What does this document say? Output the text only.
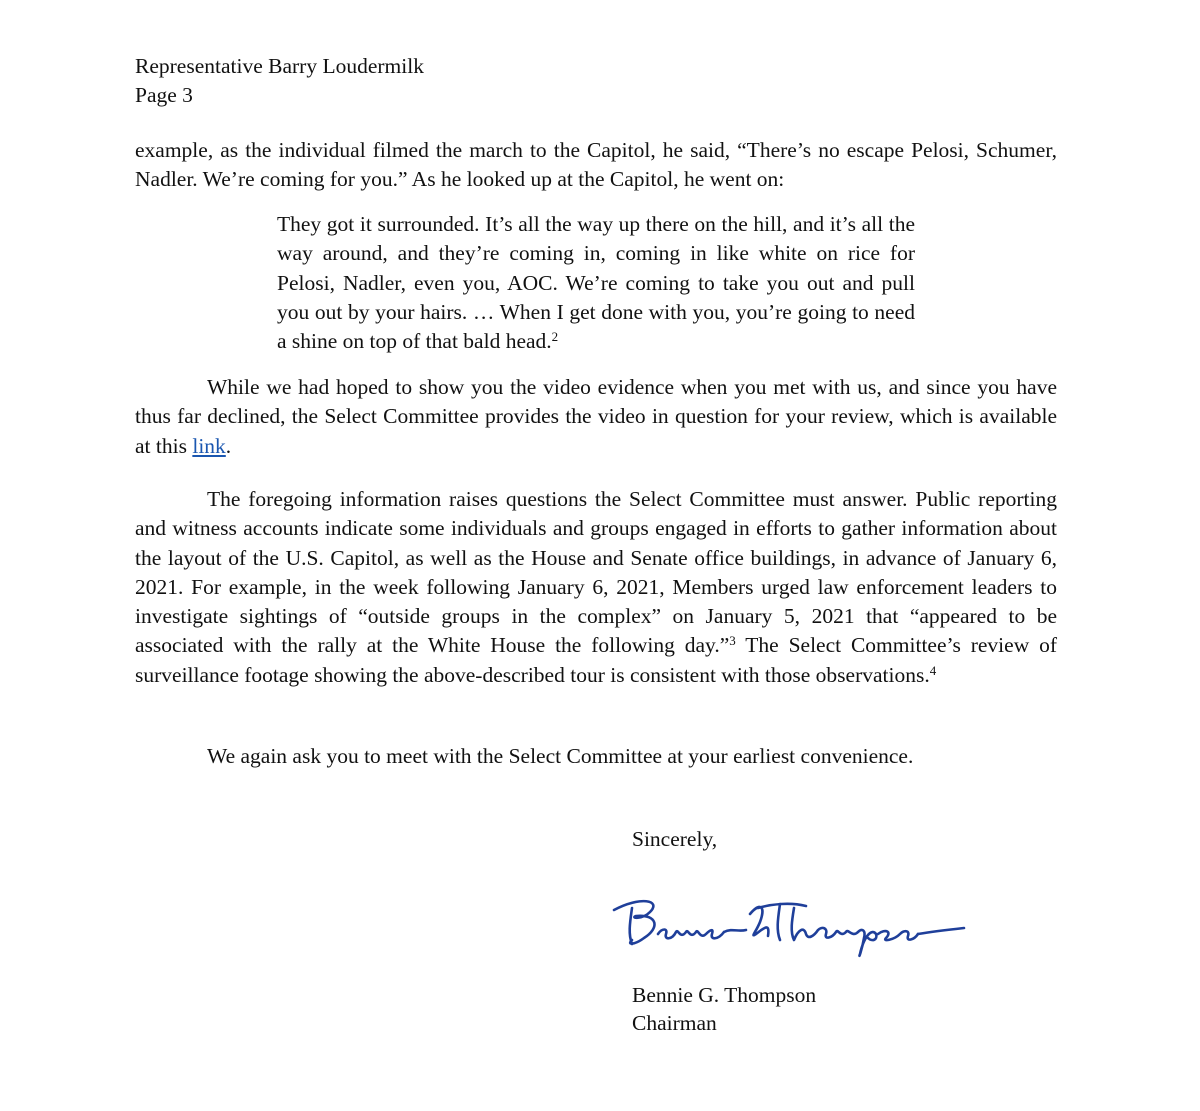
Representative Barry Loudermilk
Page 3

example, as the individual filmed the march to the Capitol, he said, “There’s no escape Pelosi, Schumer, Nadler. We’re coming for you.” As he looked up at the Capitol, he went on:

They got it surrounded. It’s all the way up there on the hill, and it’s all the way around, and they’re coming in, coming in like white on rice for Pelosi, Nadler, even you, AOC. We’re coming to take you out and pull you out by your hairs. … When I get done with you, you’re going to need a shine on top of that bald head.$^2$

While we had hoped to show you the video evidence when you met with us, and since you have thus far declined, the Select Committee provides the video in question for your review, which is available at this link.

The foregoing information raises questions the Select Committee must answer. Public reporting and witness accounts indicate some individuals and groups engaged in efforts to gather information about the layout of the U.S. Capitol, as well as the House and Senate office buildings, in advance of January 6, 2021. For example, in the week following January 6, 2021, Members urged law enforcement leaders to investigate sightings of “outside groups in the complex” on January 5, 2021 that “appeared to be associated with the rally at the White House the following day.”$^3$ The Select Committee’s review of surveillance footage showing the above-described tour is consistent with those observations.$^4$

We again ask you to meet with the Select Committee at your earliest convenience.

Sincerely,
Bennie G. Thompson
Chairman
